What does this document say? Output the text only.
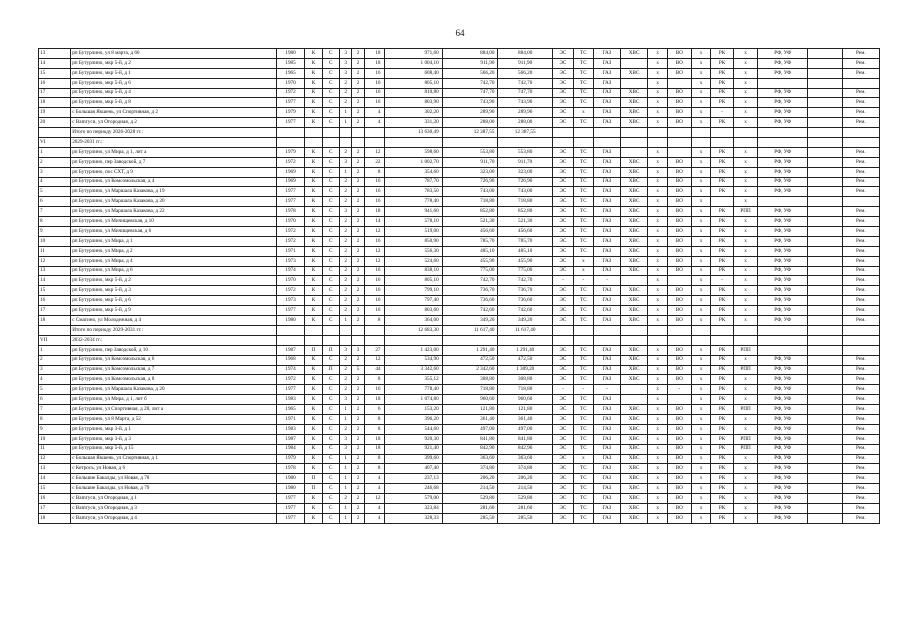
64
13	рп Бутурлино, ул 8 марта, д 60	1980	К	С	3	2	18	971,60	884,00	884,00	ЭС	ТС	ГАЗ	ХВС	х	ВО	х	РК	х	РФ, УФ		Рем.
14	рп Бутурлино, мкр 5-й, д 2	1985	К	С	3	2	18	1 004,10	911,90	911,90	ЭС	ТС	ГАЗ		х	ВО	х	РК	х	РФ, УФ		Рем.
15	рп Бутурлино, мкр 5-й, д 1	1965	К	С	3	2	16	608,40	566,20	566,20	ЭС	ТС	ГАЗ	ХВС	х	ВО	х	РК	х	РФ, УФ		Рем.
16	рп Бутурлино, мкр 5-й, д 6	1970	К	С	2	2	16	805,10	742,70	742,70	ЭС	ТС	ГАЗ		х		х	РК	х			
17	рп Бутурлино, мкр 5-й, д 4	1972	К	С	2	2	16	810,80	747,70	747,70	ЭС	ТС	ГАЗ	ХВС	х	ВО	х	РК	х	РФ, УФ		Рем.
18	рп Бутурлино, мкр 5-й, д 8	1977	К	С	2	2	16	803,90	743,90	743,90	ЭС	ТС	ГАЗ	ХВС	х	ВО	х	РК	х	РФ, УФ		Рем.
19	с Большая Якшень, ул Спортивная, д 2	1979	К	С	1	2	4	302,20	289,90	289,90	ЭС	х	ГАЗ	ХВС	х	ВО	х	-	х	РФ, УФ		Рем.
20	с Ваmгуси, ул Огородная, д 2	1977	К	С	1	2	4	331,20	288,00	288,00	ЭС	ТС	ГАЗ	ХВС	х	ВО	х	РК	х	РФ, УФ		Рем.
	Итого по периоду 2026-2028 гг.:							13 630,49	12 387,55	12 387,55												
VI	2029-2031 гг.:																					
1	рп Бутурлино, ул Мира, д 1, лит а	1979	К	С	2	2	12	598,60	553,80	553,80	ЭС	ТС	ГАЗ		х		х	РК	х	РФ, УФ		Рем.
2	рп Бутурлино, пер Заводской, д 7	1972	К	С	3	2	22	1 002,70	911,70	911,70	ЭС	ТС	ГАЗ	ХВС	х	ВО	х	РК	х	РФ, УФ		Рем.
3	рп Бутурлино, пос СХТ, д 9	1969	К	С	1	2	8	354,60	323,00	323,00	ЭС	ТС	ГАЗ	ХВС	х	ВО	х	РК	х	РФ, УФ		Рем.
4	рп Бутурлино, ул Комсомольская, д 4	1969	К	С	2	2	16	787,70	726,90	726,90	ЭС	ТС	ГАЗ	ХВС	х	ВО	х	РК	х	РФ, УФ		Рем.
5	рп Бутурлино, ул Маршала Казакова, д 19	1977	К	С	2	2	16	783,50	743,00	743,00	ЭС	ТС	ГАЗ	ХВС	х	ВО	х	РК	х	РФ, УФ		Рем.
6	рп Бутурлино, ул Маршала Казакова, д 20	1977	К	С	2	2	16	778,40	718,80	718,80	ЭС	ТС	ГАЗ	ХВС	х	ВО	х		х			
7	рп Бутурлино, ул Маршала Казакова, д 22	1978	К	С	3	2	18	941,60	852,80	852,80	ЭС	ТС	ГАЗ	ХВС	х	ВО	х	РК	РПП	РФ, УФ		Рем.
8	рп Бутурлино, ул Мичищевская, д 10	1970	К	С	2	2	14	578,10	521,30	521,30	ЭС	ТС	ГАЗ	ХВС	х	ВО	х	РК	х	РФ, УФ		Рем.
9	рп Бутурлино, ул Мичищевская, д 6	1972	К	С	2	2	12	519,00	456,60	456,60	ЭС	ТС	ГАЗ	ХВС	х	ВО	х	РК	х	РФ, УФ		Рем.
10	рп Бутурлино, ул Мира, д 1	1972	К	С	2	2	16	850,90	785,70	785,70	ЭС	ТС	ГАЗ	ХВС	х	ВО	х	РК	х	РФ, УФ		Рем.
11	рп Бутурлино, ул Мира, д 2	1971	К	С	2	2	12	556,30	485,10	485,10	ЭС	ТС	ГАЗ	ХВС	х	ВО	х	РК	х	РФ, УФ		Рем.
12	рп Бутурлино, ул Мира, д 4	1973	К	С	2	2	12	524,60	455,90	455,90	ЭС	х	ГАЗ	ХВС	х	ВО	х	РК	х	РФ, УФ		Рем.
13	рп Бутурлино, ул Мира, д 6	1974	К	С	2	2	16	838,10	775,00	775,00	ЭС	х	ГАЗ	ХВС	х	ВО	х	РК	х	РФ, УФ		Рем.
14	рп Бутурлино, мкр 5-й, д 2	1970	К	С	2	2	16	805,10	742,70	742,70	-	-	-		х		х	-	х	РФ, УФ		Рем.
15	рп Бутурлино, мкр 5-й, д 3	1972	К	С	2	2	16	799,10	736,70	736,70	ЭС	ТС	ГАЗ	ХВС	х	ВО	х	РК	х	РФ, УФ		Рем.
16	рп Бутурлино, мкр 5-й, д 6	1973	К	С	2	2	16	797,40	736,60	736,60	ЭС	ТС	ГАЗ	ХВС	х	ВО	х	РК	х	РФ, УФ		Рем.
17	рп Бутурлино, мкр 5-й, д 9	1977	К	С	2	2	16	803,60	742,60	742,60	ЭС	ТС	ГАЗ	ХВС	х	ВО	х	РК	х	РФ, УФ		Рем.
18	с Смагино, ул Молодежная, д 4	1980	К	С	1	2	8	364,00	349,20	349,20	ЭС	ТС	ГАЗ	ХВС	х	ВО	х	РК	х	РФ, УФ		Рем.
	Итого по периоду 2029-2031 гг.:							12 683,30	11 617,40	11 617,40												
VII	2032-2034 гг.:																					
1	рп Бутурлино, пер Заводской, д 10	1987	П	П	3	3	27	1 423,00	1 291,40	1 291,40	ЭС	ТС	ГАЗ	ХВС	х	ВО	х	РК	РПП			
2	рп Бутурлино, ул Комсомольская, д 6	1968	К	С	2	2	12	534,90	472,50	472,50	ЭС	ТС	ГАЗ	ХВС	х	ВО	х	РК	х	РФ, УФ		Рем.
3	рп Бутурлино, ул Комсомольская, д 7	1974	К	П	2	5	44	3 342,60	2 342,60	1 309,20	ЭС	ТС	ГАЗ	ХВС	х	ВО	х	РК	РПП	РФ, УФ		Рем.
4	рп Бутурлино, ул Комсомольская, д 8	1972	К	С	2	2	8	355,12	308,80	308,80	ЭС	ТС	ГАЗ	ХВС	х	ВО	х	РК	х	РФ, УФ		Рем.
5	рп Бутурлино, ул Маршала Казакова, д 20	1977	К	С	2	2	16	778,40	718,80	718,80	-	-	-		х	-	х	РК	х	РФ, УФ		Рем.
6	рп Бутурлино, ул Мира, д 1, лит б	1983	К	С	3	2	18	1 074,80	960,60	960,60	ЭС	ТС	ГАЗ		х		х	РК	х	РФ, УФ		Рем.
7	рп Бутурлино, ул Спортивная, д 28, лит а	1965	К	С	1	2	6	153,20	121,80	121,80	ЭС	ТС	ГАЗ	ХВС	х	ВО	х	РК	РПП	РФ, УФ		Рем.
8	рп Бутурлино, ул 8 Марта, д 52	1971	К	С	1	2	8	396,20	361,40	361,40	ЭС	ТС	ГАЗ	ХВС	х	ВО	х	РК	х	РФ, УФ		Рем.
9	рп Бутурлино, мкр 3-й, д 1	1983	К	С	2	2	8	544,60	497,00	497,00	ЭС	ТС	ГАЗ	ХВС	х	ВО	х	РК	х	РФ, УФ		Рем.
10	рп Бутурлино, мкр 3-й, д 3	1987	К	С	3	2	18	920,30	841,80	841,80	ЭС	ТС	ГАЗ	ХВС	х	ВО	х	РК	РПП	РФ, УФ		Рем.
11	рп Бутурлино, мкр 5-й, д 15	1984	К	С	3	2	18	921,40	842,90	842,90	ЭС	ТС	ГАЗ	ХВС	х	ВО	х	РК	РПП	РФ, УФ		Рем.
12	с Большая Якшень, ул Спортивная, д 1	1979	К	С	1	2	8	399,60	363,60	363,60	ЭС	х	ГАЗ	ХВС	х	ВО	х	РК	х	РФ, УФ		Рем.
13	с Кетрось, ул Новая, д 6	1978	К	С	1	2	8	407,40	374,80	374,80	ЭС	ТС	ГАЗ	ХВС	х	ВО	х	РК	х	РФ, УФ		Рем.
14	с Большие Бакалды, ул Новая, д 78	1980	П	С	1	2	4	237,13	206,20	206,20	ЭС	ТС	ГАЗ	ХВС	х	ВО	х	РК	х	РФ, УФ		Рем.
15	с Большие Бакалды, ул Новая, д 79	1980	П	С	1	2	4	246,68	214,50	214,50	ЭС	ТС	ГАЗ	ХВС	х	ВО	х	РК	х	РФ, УФ		Рем.
16	с Ваmгуси, ул Огородная, д 1	1977	К	С	2	2	12	579,00	529,80	529,80	ЭС	ТС	ГАЗ	ХВС	х	ВО	х	РК	х	РФ, УФ		Рем.
17	с Ваmгуси, ул Огородная, д 3	1977	К	С	1	2	4	323,84	281,60	281,60	ЭС	ТС	ГАЗ	ХВС	х	ВО	х	РК	х	РФ, УФ		Рем.
18	с Ваmгуси, ул Огородная, д 4	1977	К	С	1	2	4	328,33	285,50	285,50	ЭС	ТС	ГАЗ	ХВС	х	ВО	х	РК	х	РФ, УФ		Рем.
